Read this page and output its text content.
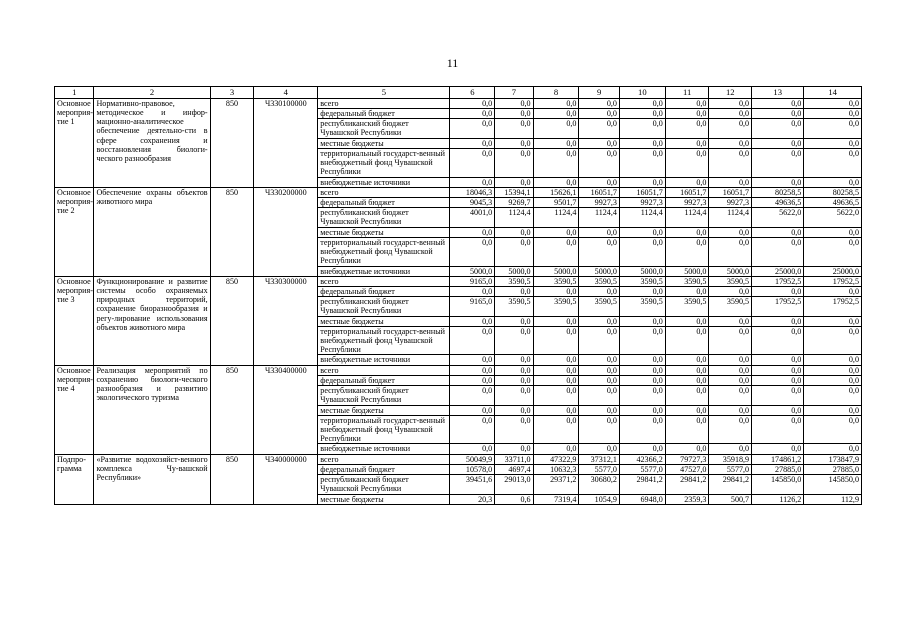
11
1	2	3	4	5	6	7	8	9	10	11	12	13	14
Основное мероприя-тие 1	Нормативно-правовое, методическое и инфор-мационно-аналитическое обеспечение деятельно-сти в сфере сохранения и восстановления биологи-ческого разнообразия	850	Ч330100000	всего	0,0	0,0	0,0	0,0	0,0	0,0	0,0	0,0	0,0
				федеральный бюджет	0,0	0,0	0,0	0,0	0,0	0,0	0,0	0,0	0,0
				республиканский бюджет Чувашской Республики	0,0	0,0	0,0	0,0	0,0	0,0	0,0	0,0	0,0
				местные бюджеты	0,0	0,0	0,0	0,0	0,0	0,0	0,0	0,0	0,0
				территориальный государст-венный внебюджетный фонд Чувашской Республики	0,0	0,0	0,0	0,0	0,0	0,0	0,0	0,0	0,0
				внебюджетные источники	0,0	0,0	0,0	0,0	0,0	0,0	0,0	0,0	0,0
Основное мероприя-тие 2	Обеспечение охраны объектов животного мира	850	Ч330200000	всего	18046,3	15394,1	15626,1	16051,7	16051,7	16051,7	16051,7	80258,5	80258,5
				федеральный бюджет	9045,3	9269,7	9501,7	9927,3	9927,3	9927,3	9927,3	49636,5	49636,5
				республиканский бюджет Чувашской Республики	4001,0	1124,4	1124,4	1124,4	1124,4	1124,4	1124,4	5622,0	5622,0
				местные бюджеты	0,0	0,0	0,0	0,0	0,0	0,0	0,0	0,0	0,0
				территориальный государст-венный внебюджетный фонд Чувашской Республики	0,0	0,0	0,0	0,0	0,0	0,0	0,0	0,0	0,0
				внебюджетные источники	5000,0	5000,0	5000,0	5000,0	5000,0	5000,0	5000,0	25000,0	25000,0
Основное мероприя-тие 3	Функционирование и развитие системы особо охраняемых природных территорий, сохранение биоразнообразия и регу-лирование использования объектов животного мира	850	Ч330300000	всего	9165,0	3590,5	3590,5	3590,5	3590,5	3590,5	3590,5	17952,5	17952,5
				федеральный бюджет	0,0	0,0	0,0	0,0	0,0	0,0	0,0	0,0	0,0
				республиканский бюджет Чувашской Республики	9165,0	3590,5	3590,5	3590,5	3590,5	3590,5	3590,5	17952,5	17952,5
				местные бюджеты	0,0	0,0	0,0	0,0	0,0	0,0	0,0	0,0	0,0
				территориальный государст-венный внебюджетный фонд Чувашской Республики	0,0	0,0	0,0	0,0	0,0	0,0	0,0	0,0	0,0
				внебюджетные источники	0,0	0,0	0,0	0,0	0,0	0,0	0,0	0,0	0,0
Основное мероприя-тие 4	Реализация мероприятий по сохранению биологи-ческого разнообразия и развитию экологического туризма	850	Ч330400000	всего	0,0	0,0	0,0	0,0	0,0	0,0	0,0	0,0	0,0
				федеральный бюджет	0,0	0,0	0,0	0,0	0,0	0,0	0,0	0,0	0,0
				республиканский бюджет Чувашской Республики	0,0	0,0	0,0	0,0	0,0	0,0	0,0	0,0	0,0
				местные бюджеты	0,0	0,0	0,0	0,0	0,0	0,0	0,0	0,0	0,0
				территориальный государст-венный внебюджетный фонд Чувашской Республики	0,0	0,0	0,0	0,0	0,0	0,0	0,0	0,0	0,0
				внебюджетные источники	0,0	0,0	0,0	0,0	0,0	0,0	0,0	0,0	0,0
Подпро-грамма	«Развитие водохозяйст-венного комплекса Чу-вашской Республики»	850	Ч340000000	всего	50049,9	33711,0	47322,9	37312,1	42366,2	79727,3	35918,9	174861,2	173847,9
				федеральный бюджет	10578,0	4697,4	10632,3	5577,0	5577,0	47527,0	5577,0	27885,0	27885,0
				республиканский бюджет Чувашской Республики	39451,6	29013,0	29371,2	30680,2	29841,2	29841,2	29841,2	145850,0	145850,0
				местные бюджеты	20,3	0,6	7319,4	1054,9	6948,0	2359,3	500,7	1126,2	112,9
